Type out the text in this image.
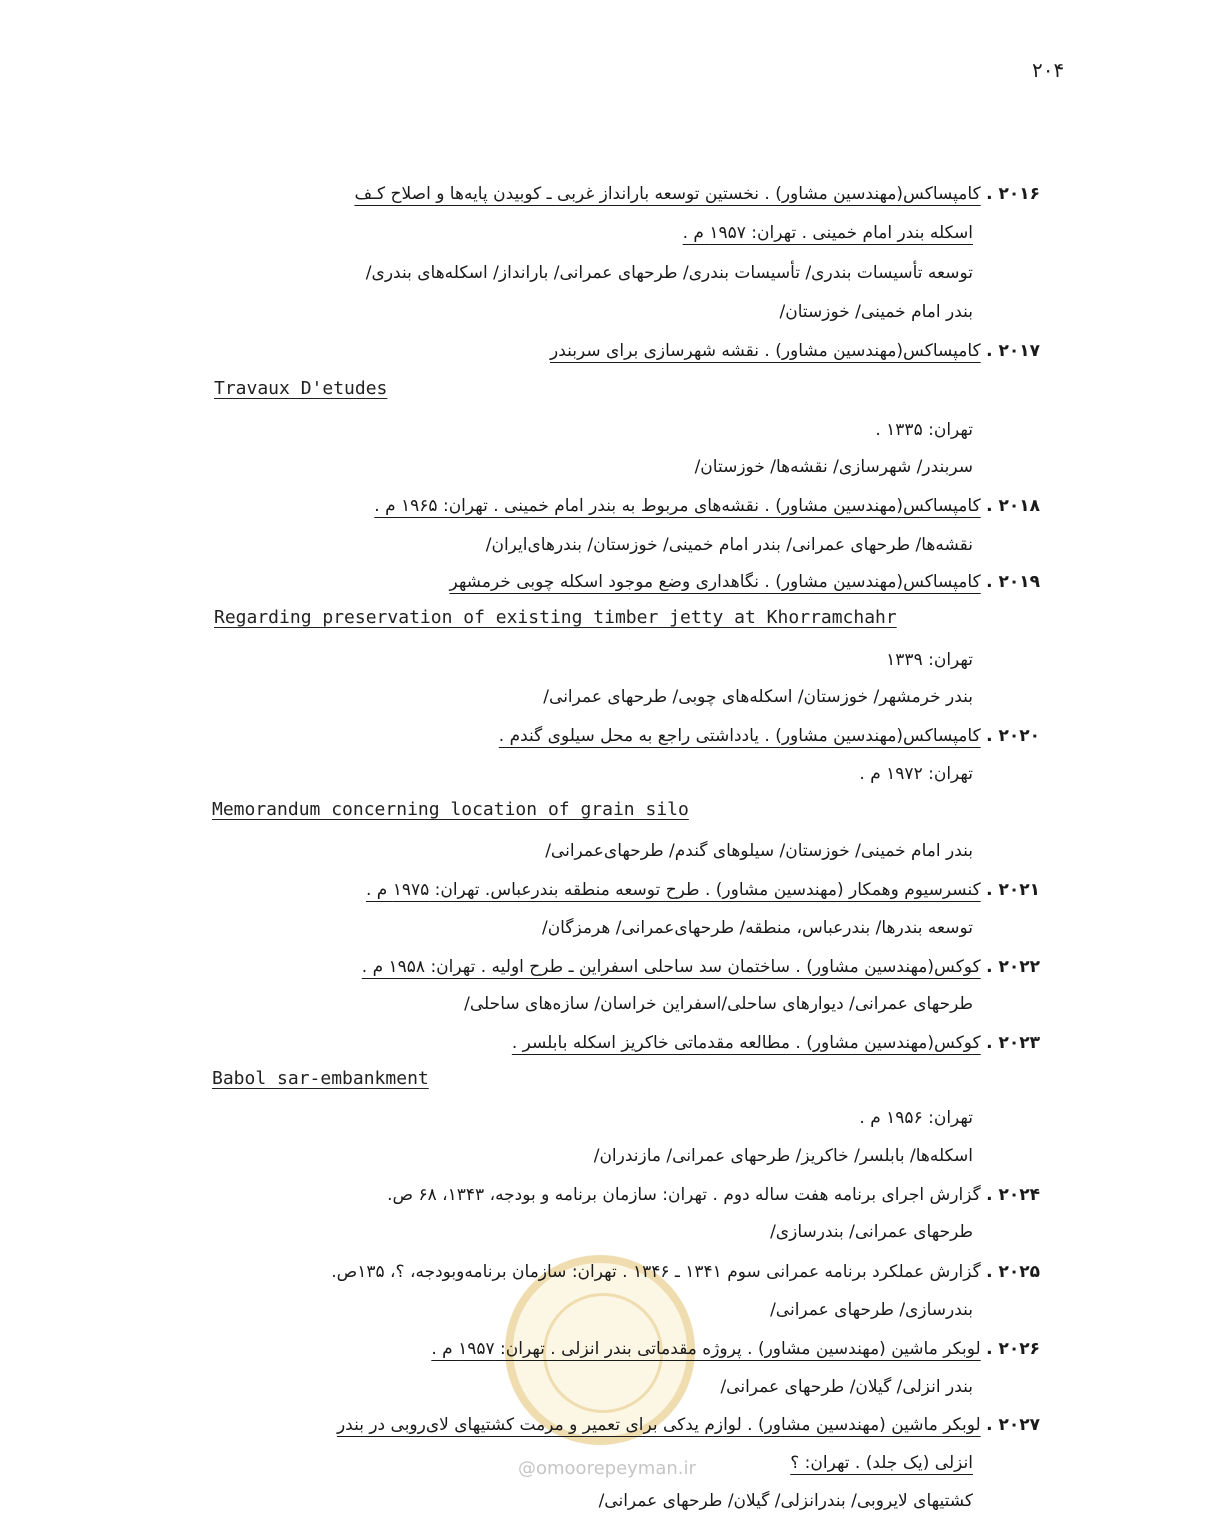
۲۰۴
۲۰۱۶ . کامپساکس(مهندسین مشاور) . نخستین توسعه بارانداز غربی ـ کوبیدن پایه‌ها و اصلاح کـف
اسکله بندر امام خمینی . تهران: ۱۹۵۷ م .
توسعه تأسیسات بندری/ تأسیسات بندری/ طرحهای عمرانی/ بارانداز/ اسکله‌های بندری/
بندر امام خمینی/ خوزستان/
۲۰۱۷ . کامپساکس(مهندسین مشاور) . نقشه شهرسازی برای سربندر
Travaux D'etudes
تهران: ۱۳۳۵ .
سربندر/ شهرسازی/ نقشه‌ها/ خوزستان/
۲۰۱۸ . کامپساکس(مهندسین مشاور) . نقشه‌های مربوط به بندر امام خمینی . تهران: ۱۹۶۵ م .
نقشه‌ها/ طرحهای عمرانی/ بندر امام خمینی/ خوزستان/ بندرهای‌ایران/
۲۰۱۹ . کامپساکس(مهندسین مشاور) . نگاهداری وضع موجود اسکله چوبی خرمشهر
Regarding preservation of existing timber jetty at Khorramchahr
تهران: ۱۳۳۹
بندر خرمشهر/ خوزستان/ اسکله‌های چوبی/ طرحهای عمرانی/
۲۰۲۰ . کامپساکس(مهندسین مشاور) . یادداشتی راجع به محل سیلوی گندم .
تهران: ۱۹۷۲ م .
Memorandum concerning location of grain silo
بندر امام خمینی/ خوزستان/ سیلوهای گندم/ طرحهای‌عمرانی/
۲۰۲۱ . کنسرسیوم وهمکار (مهندسین مشاور) . طرح توسعه منطقه بندرعباس. تهران: ۱۹۷۵ م .
توسعه بندرها/ بندرعباس، منطقه/ طرحهای‌عمرانی/ هرمزگان/
۲۰۲۲ . کوکس(مهندسین مشاور) . ساختمان سد ساحلی اسفراین ـ طرح اولیه . تهران: ۱۹۵۸ م .
طرحهای عمرانی/ دیوارهای ساحلی/اسفراین خراسان/ سازه‌های ساحلی/
۲۰۲۳ . کوکس(مهندسین مشاور) . مطالعه مقدماتی خاکریز اسکله بابلسر .
Babol sar-embankment
تهران: ۱۹۵۶ م .
اسکله‌ها/ بابلسر/ خاکریز/ طرحهای عمرانی/ مازندران/
۲۰۲۴ . گزارش اجرای برنامه هفت ساله دوم . تهران: سازمان برنامه و بودجه، ۱۳۴۳، ۶۸ ص.
طرحهای عمرانی/ بندرسازی/
۲۰۲۵ . گزارش عملکرد برنامه عمرانی سوم ۱۳۴۱ ـ ۱۳۴۶ . تهران: سازمان برنامه‌وبودجه، ؟، ۱۳۵ص.
بندرسازی/ طرحهای عمرانی/
۲۰۲۶ . لوبکر ماشین (مهندسین مشاور) . پروژه مقدماتی بندر انزلی . تهران: ۱۹۵۷ م .
بندر انزلی/ گیلان/ طرحهای عمرانی/
۲۰۲۷ . لوبکر ماشین (مهندسین مشاور) . لوازم یدکی برای تعمیر و مرمت کشتیهای لای‌روبی در بندر
انزلی (یک جلد) . تهران: ؟
کشتیهای لایروبی/ بندرانزلی/ گیلان/ طرحهای عمرانی/
@omoorepeyman.ir
